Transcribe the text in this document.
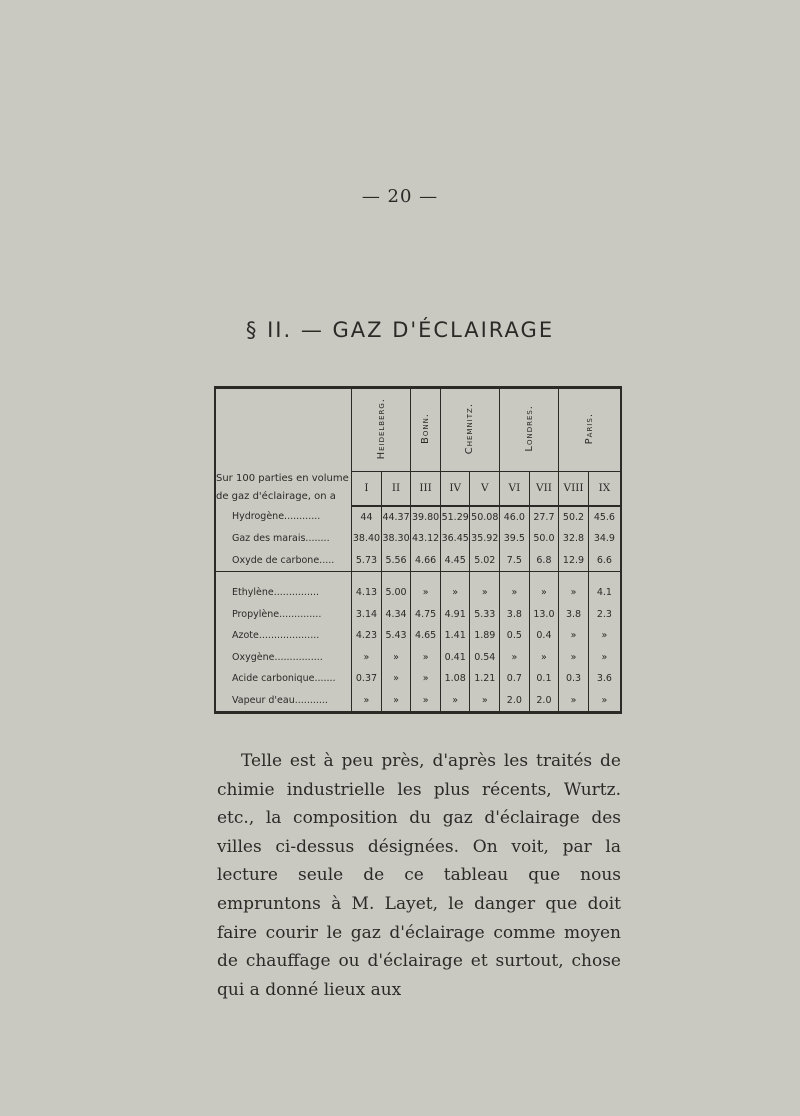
— 20 —
§ II. — GAZ D'ÉCLAIRAGE
Sur 100 parties en volume de gaz d'éclairage, on a	Heidelberg.		Bonn.	Chemnitz.		Londres.		Paris.	
	I	II	III	IV	V	VI	VII	VIII	IX
Hydrogène............	44	44.37	39.80	51.29	50.08	46.0	27.7	50.2	45.6
Gaz des marais........	38.40	38.30	43.12	36.45	35.92	39.5	50.0	32.8	34.9
Oxyde de carbone.....	5.73	5.56	4.66	4.45	5.02	7.5	6.8	12.9	6.6

Ethylène...............	4.13	5.00	»	»	»	»	»	»	4.1
Propylène..............	3.14	4.34	4.75	4.91	5.33	3.8	13.0	3.8	2.3
Azote....................	4.23	5.43	4.65	1.41	1.89	0.5	0.4	»	»
Oxygène................	»	»	»	0.41	0.54	»	»	»	»
Acide carbonique.......	0.37	»	»	1.08	1.21	0.7	0.1	0.3	3.6
Vapeur d'eau...........	»	»	»	»	»	2.0	2.0	»	»

Telle est à peu près, d'après les traités de chimie industrielle les plus récents, Wurtz. etc., la composition du gaz d'éclairage des villes ci-dessus désignées. On voit, par la lecture seule de ce tableau que nous empruntons à M. Layet, le danger que doit faire courir le gaz d'éclairage comme moyen de chauffage ou d'éclairage et surtout, chose qui a donné lieux aux
